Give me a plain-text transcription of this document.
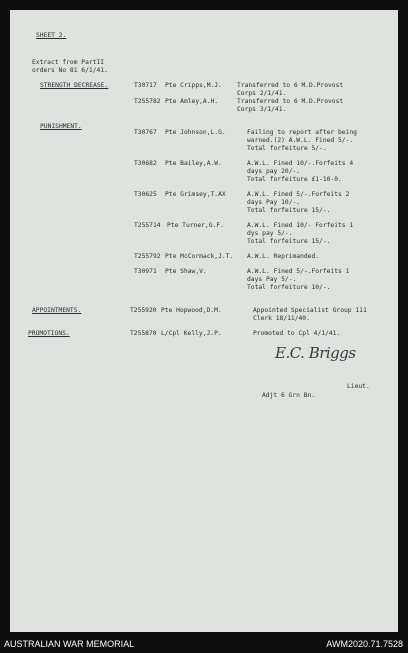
SHEET 2.
Extract from PartII
orders No 81 6/1/41.
STRENGTH DECREASE.	T30717 Pte Cripps,M.J. Transferred to 6 M.D.Provost
Corps 2/1/41.
T255782 Pte Amley,A.H.	Transferred to 6 M.D.Provost
Corps 3/1/41.
PUNISHMENT.
T30767 Pte Johnson,L.G.	Failing to report after being
warned.(2) A.W.L. Fined 5/-.
Total forfeiture 5/-.
T30682 Pte Bailey,A.W.	A.W.L. Fined 10/-.Forfeits 4
days pay 20/-.
Total forfeiture £1-10-0.
T30625 Pte Grimsey,T.AX	A.W.L. Fined 5/-.Forfeits 2
days Pay 10/-.
Total forfeiture 15/-.
T255714 Pte Turner,G.F.	A.W.L. Fined 10/- Forfeits 1
dys pay 5/-.
Total forfeiture 15/-.
T255792 Pte McCormack,J.T. A.W.L. Reprimanded.
T30971 Pte Shaw,V.	A.W.L. Fined 5/-.Forfeits 1
days Pay 5/-.
Total forfeiture 10/-.
APPOINTMENTS.	T255920 Pte Hopwood,D.M.	Appointed Specialist Group 111
Clerk 18/11/40.
PROMOTIONS.	T255870 L/Cpl Kelly,J.P.	Promoted to Cpl 4/1/41.
E.C. Briggs
Lieut.
Adjt 6 Grn Bn.
AUSTRALIAN WAR MEMORIAL	AWM2020.71.7528
